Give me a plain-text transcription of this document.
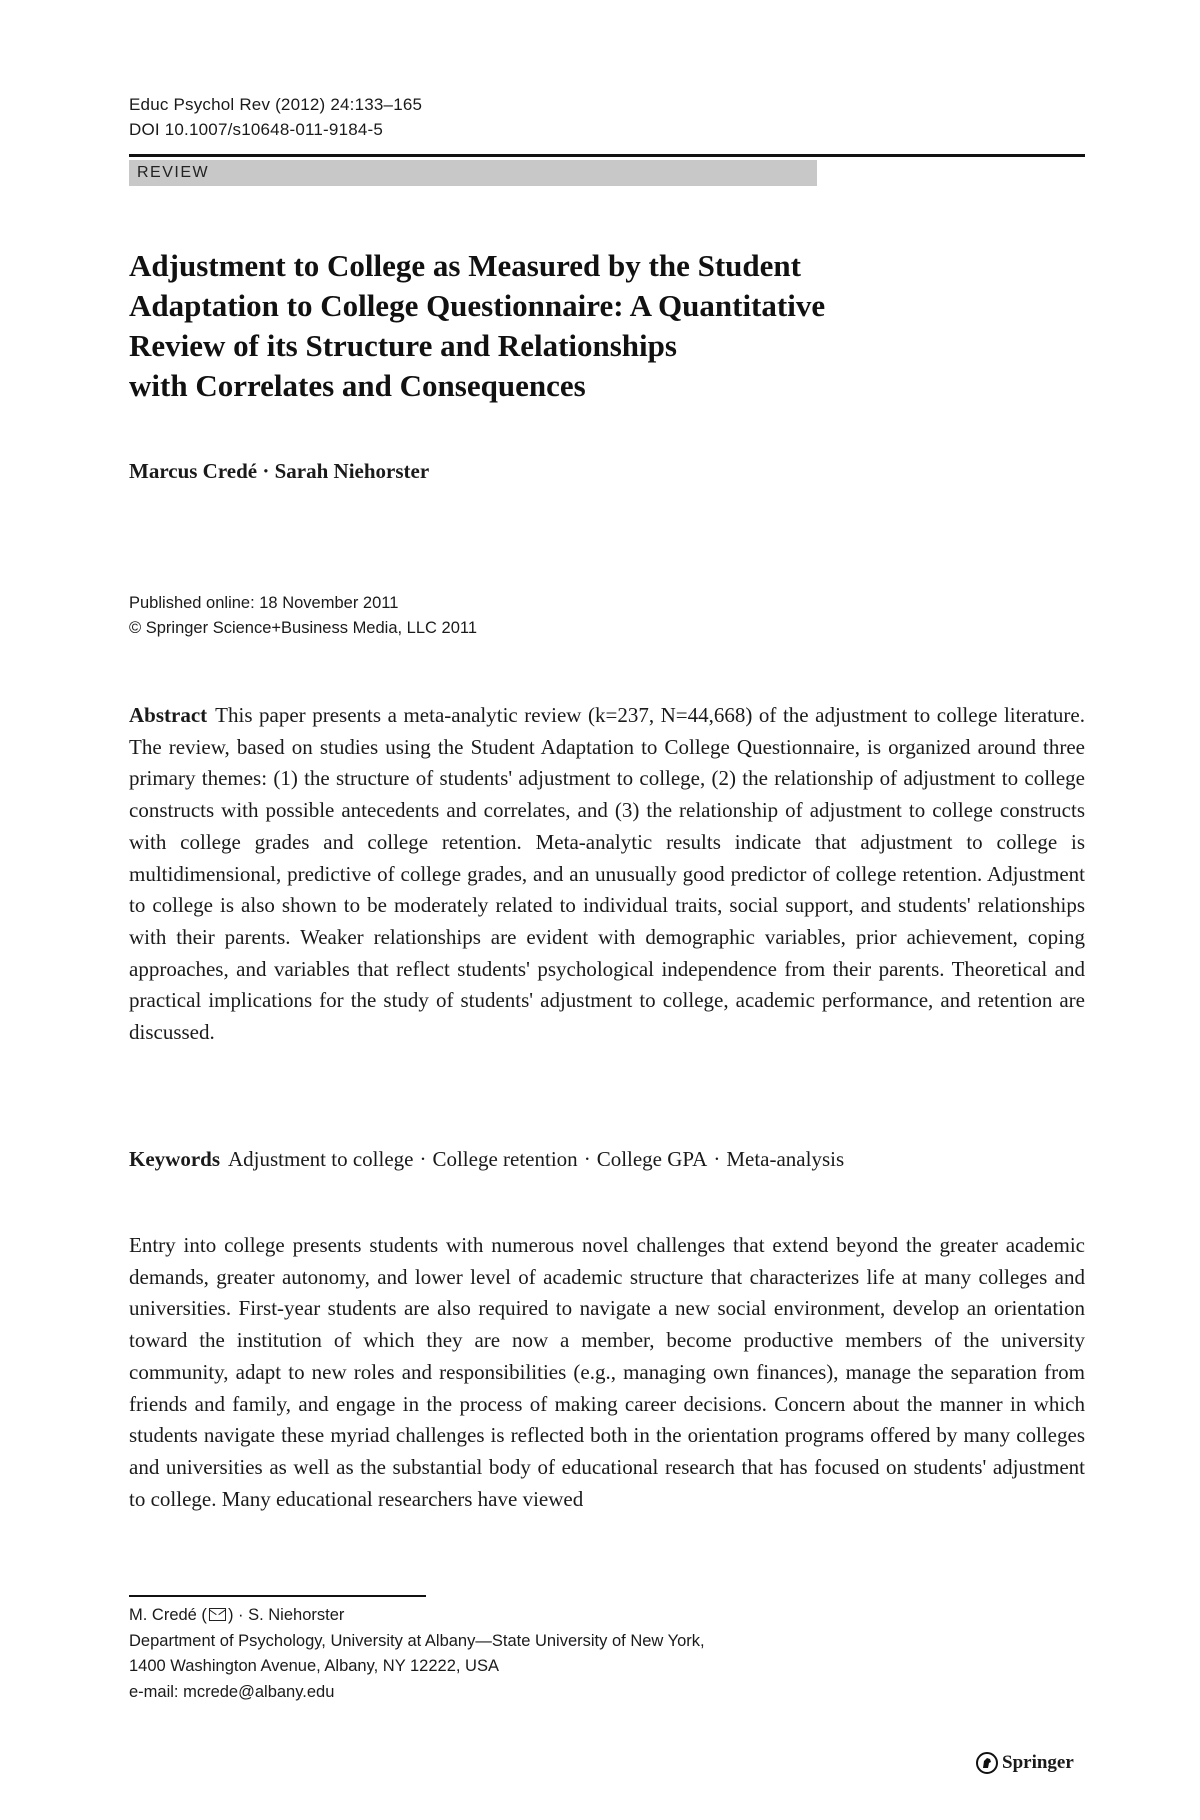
Educ Psychol Rev (2012) 24:133–165
DOI 10.1007/s10648-011-9184-5
REVIEW
Adjustment to College as Measured by the Student
Adaptation to College Questionnaire: A Quantitative
Review of its Structure and Relationships
with Correlates and Consequences
Marcus Credé · Sarah Niehorster
Published online: 18 November 2011
© Springer Science+Business Media, LLC 2011
Abstract This paper presents a meta-analytic review (k=237, N=44,668) of the adjustment to college literature. The review, based on studies using the Student Adaptation to College Questionnaire, is organized around three primary themes: (1) the structure of students' adjustment to college, (2) the relationship of adjustment to college constructs with possible antecedents and correlates, and (3) the relationship of adjustment to college constructs with college grades and college retention. Meta-analytic results indicate that adjustment to college is multidimensional, predictive of college grades, and an unusually good predictor of college retention. Adjustment to college is also shown to be moderately related to individual traits, social support, and students' relationships with their parents. Weaker relationships are evident with demographic variables, prior achievement, coping approaches, and variables that reflect students' psychological independence from their parents. Theoretical and practical implications for the study of students' adjustment to college, academic performance, and retention are discussed.
Keywords Adjustment to college · College retention · College GPA · Meta-analysis
Entry into college presents students with numerous novel challenges that extend beyond the greater academic demands, greater autonomy, and lower level of academic structure that characterizes life at many colleges and universities. First-year students are also required to navigate a new social environment, develop an orientation toward the institution of which they are now a member, become productive members of the university community, adapt to new roles and responsibilities (e.g., managing own finances), manage the separation from friends and family, and engage in the process of making career decisions. Concern about the manner in which students navigate these myriad challenges is reflected both in the orientation programs offered by many colleges and universities as well as the substantial body of educational research that has focused on students' adjustment to college. Many educational researchers have viewed
M. Credé ( ) · S. Niehorster
Department of Psychology, University at Albany—State University of New York,
1400 Washington Avenue, Albany, NY 12222, USA
e-mail: mcrede@albany.edu
Springer
